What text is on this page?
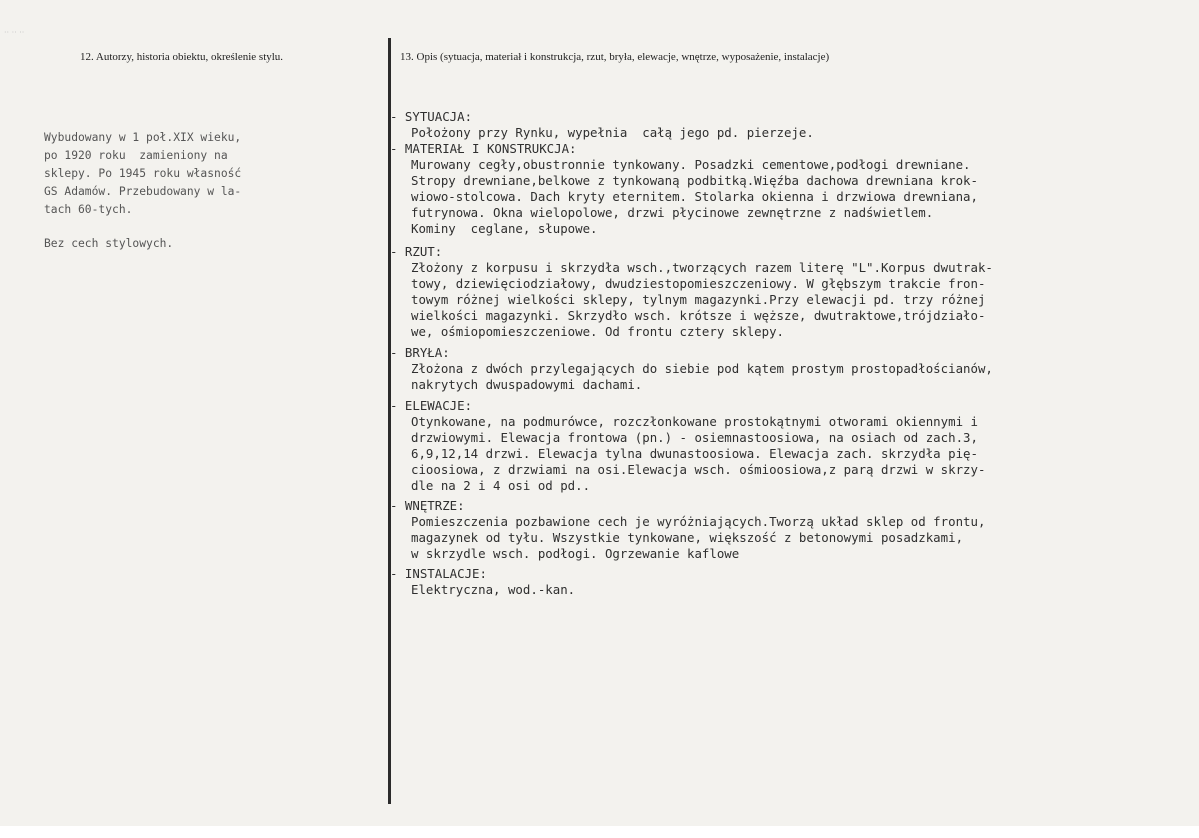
·· ·· ··
12. Autorzy, historia obiektu, określenie stylu.	13. Opis (sytuacja, materiał i konstrukcja, rzut, bryła, elewacje, wnętrze, wyposażenie, instalacje)
Wybudowany w 1 poł.XIX wieku,
po 1920 roku  zamieniony na
sklepy. Po 1945 roku własność
GS Adamów. Przebudowany w la-
tach 60-tych.
Bez cech stylowych.
- SYTUACJA:
Położony przy Rynku, wypełnia  całą jego pd. pierzeje.
- MATERIAŁ I KONSTRUKCJA:
Murowany cegły,obustronnie tynkowany. Posadzki cementowe,podłogi drewniane.
Stropy drewniane,belkowe z tynkowaną podbitką.Więźba dachowa drewniana krok-
wiowo-stolcowa. Dach kryty eternitem. Stolarka okienna i drzwiowa drewniana,
futrynowa. Okna wielopolowe, drzwi płycinowe zewnętrzne z nadświetlem.
Kominy  ceglane, słupowe.
- RZUT:
Złożony z korpusu i skrzydła wsch.,tworzących razem literę "L".Korpus dwutrak-
towy, dziewięciodziałowy, dwudziestopomieszczeniowy. W głębszym trakcie fron-
towym różnej wielkości sklepy, tylnym magazynki.Przy elewacji pd. trzy różnej
wielkości magazynki. Skrzydło wsch. krótsze i węższe, dwutraktowe,trójdziało-
we, ośmiopomieszczeniowe. Od frontu cztery sklepy.
- BRYŁA:
Złożona z dwóch przylegających do siebie pod kątem prostym prostopadłościanów,
nakrytych dwuspadowymi dachami.
- ELEWACJE:
Otynkowane, na podmurówce, rozczłonkowane prostokątnymi otworami okiennymi i
drzwiowymi. Elewacja frontowa (pn.) - osiemnastoosiowa, na osiach od zach.3,
6,9,12,14 drzwi. Elewacja tylna dwunastoosiowa. Elewacja zach. skrzydła pię-
cioosiowa, z drzwiami na osi.Elewacja wsch. ośmioosiowa,z parą drzwi w skrzy-
dle na 2 i 4 osi od pd..
- WNĘTRZE:
Pomieszczenia pozbawione cech je wyróżniających.Tworzą układ sklep od frontu,
magazynek od tyłu. Wszystkie tynkowane, większość z betonowymi posadzkami,
w skrzydle wsch. podłogi. Ogrzewanie kaflowe
- INSTALACJE:
Elektryczna, wod.-kan.
